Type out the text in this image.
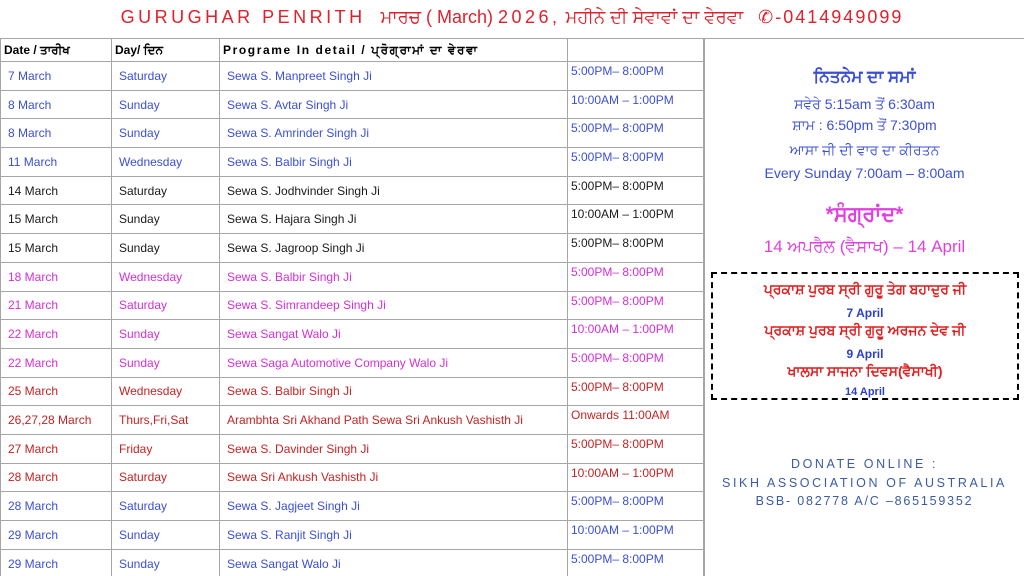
GURUGHAR PENRITH
ਮਾਰਚ
(
March)
2026,
ਮਹੀਨੇ ਦੀ ਸੇਵਾਵਾਂ ਦਾ ਵੇਰਵਾ
✆-0414949099
Date / ਤਾਰੀਖ	Day/ ਦਿਨ	Programe In detail / ਪ੍ਰੋਗ੍ਰਾਮਾਂ ਦਾ ਵੇਰਵਾ	
7 March	Saturday	Sewa S. Manpreet Singh Ji	5:00PM– 8:00PM
8 March	Sunday	Sewa S. Avtar Singh Ji	10:00AM – 1:00PM
8 March	Sunday	Sewa S. Amrinder Singh Ji	5:00PM– 8:00PM
11 March	Wednesday	Sewa S. Balbir Singh Ji	5:00PM– 8:00PM
14 March	Saturday	Sewa S. Jodhvinder Singh Ji	5:00PM– 8:00PM
15 March	Sunday	Sewa S. Hajara Singh Ji	10:00AM – 1:00PM
15 March	Sunday	Sewa S. Jagroop Singh Ji	5:00PM– 8:00PM
18 March	Wednesday	Sewa S. Balbir Singh Ji	5:00PM– 8:00PM
21 March	Saturday	Sewa S. Simrandeep Singh Ji	5:00PM– 8:00PM
22 March	Sunday	Sewa Sangat Walo Ji	10:00AM – 1:00PM
22 March	Sunday	Sewa Saga Automotive Company Walo Ji	5:00PM– 8:00PM
25 March	Wednesday	Sewa S. Balbir Singh Ji	5:00PM– 8:00PM
26,27,28 March	Thurs,Fri,Sat	Arambhta Sri Akhand Path Sewa Sri Ankush Vashisth Ji	Onwards 11:00AM
27 March	Friday	Sewa S. Davinder Singh Ji	5:00PM– 8:00PM
28 March	Saturday	Sewa Sri Ankush Vashisth Ji	10:00AM – 1:00PM
28 March	Saturday	Sewa S. Jagjeet Singh Ji	5:00PM– 8:00PM
29 March	Sunday	Sewa S. Ranjit Singh Ji	10:00AM – 1:00PM
29 March	Sunday	Sewa Sangat Walo Ji	5:00PM– 8:00PM
ਨਿਤਨੇਮ ਦਾ ਸਮਾਂ
ਸਵੇਰੇ 5:15am ਤੋਂ 6:30am
ਸ਼ਾਮ : 6:50pm ਤੋਂ 7:30pm
ਆਸਾ ਜੀ ਦੀ ਵਾਰ ਦਾ ਕੀਰਤਨ
Every Sunday 7:00am – 8:00am
*ਸੰਗ੍ਰਾਂਦ*
14 ਅਪਰੈਲ (ਵੈਸਾਖ) – 14 April
ਪ੍ਰਕਾਸ਼ ਪੁਰਬ ਸ੍ਰੀ ਗੁਰੂ ਤੇਗ ਬਹਾਦੁਰ ਜੀ
7 April
ਪ੍ਰਕਾਸ਼ ਪੁਰਬ ਸ੍ਰੀ ਗੁਰੂ ਅਰਜਨ ਦੇਵ ਜੀ
9 April
ਖਾਲਸਾ ਸਾਜਨਾ ਦਿਵਸ(ਵੈਸਾਖੀ)
14 April
DONATE ONLINE :
SIKH ASSOCIATION OF AUSTRALIA
BSB- 082778 A/C –865159352
